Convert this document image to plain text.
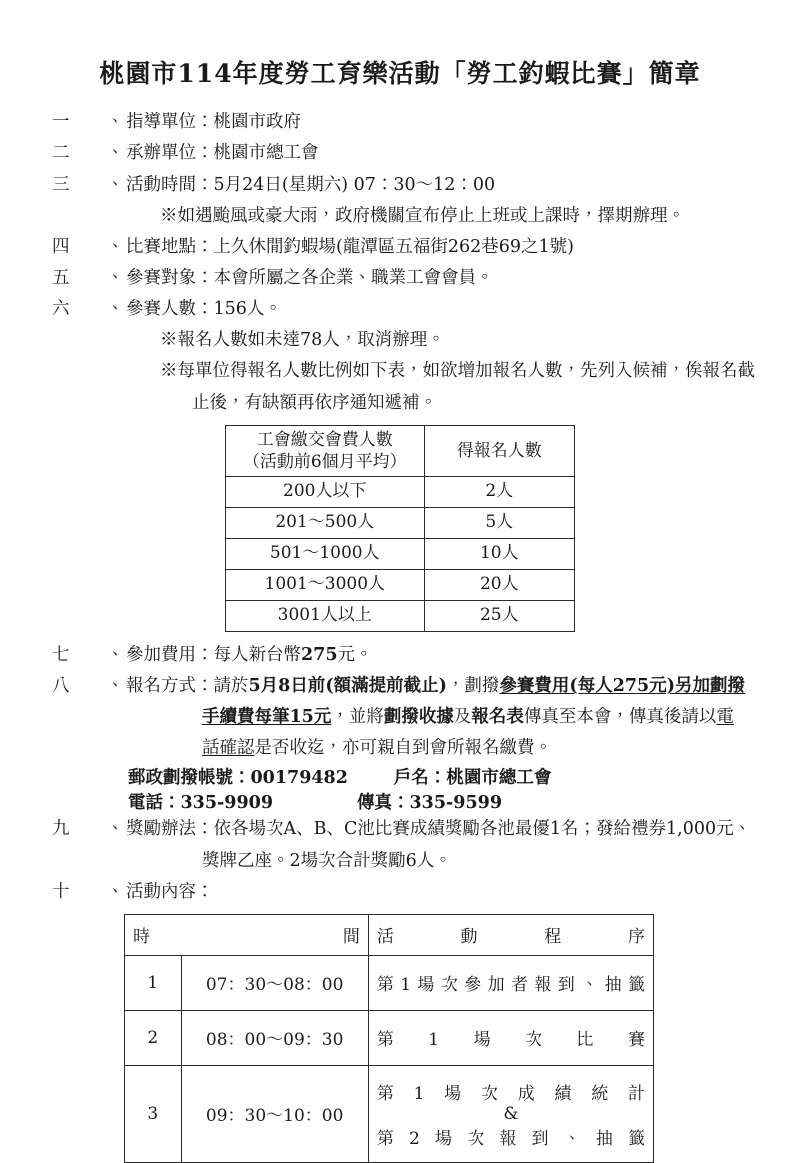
桃園市114年度勞工育樂活動「勞工釣蝦比賽」簡章
一、 指導單位：桃園市政府
二、 承辦單位：桃園市總工會
三、 活動時間：5月24日(星期六) 07：30～12：00
※如遇颱風或豪大雨，政府機關宣布停止上班或上課時，擇期辦理。
四、 比賽地點：上久休閒釣蝦場(龍潭區五福街262巷69之1號)
五、 參賽對象：本會所屬之各企業、職業工會會員。
六、 參賽人數：156人。
※報名人數如未達78人，取消辦理。
※每單位得報名人數比例如下表，如欲增加報名人數，先列入候補，俟報名截
止後，有缺額再依序通知遞補。
工會繳交會費人數
（活動前6個月平均）	得報名人數
200人以下	2人
201～500人	5人
501～1000人	10人
1001～3000人	20人
3001人以上	25人
七、 參加費用：每人新台幣275元。
八、 報名方式：請於5月8日前(額滿提前截止)，劃撥參賽費用(每人275元)另加劃撥
手續費每筆15元，並將劃撥收據及報名表傳真至本會，傳真後請以電
話確認是否收迄，亦可親自到會所報名繳費。
郵政劃撥帳號：00179482	戶名：桃園市總工會
電話：335-9909	傳真：335-9599
九、 獎勵辦法：依各場次A、B、C池比賽成績獎勵各池最優1名；發給禮券1,000元、
獎牌乙座。2場次合計獎勵6人。
十、 活動內容：
時間		活動程序

1	07：30～08：00	第1場次參加者報到、抽籤

2	08：00～09：30	第1場次比賽

3	09：30～10：00	第1場次成績統計
&
第2場次報到、抽籤
